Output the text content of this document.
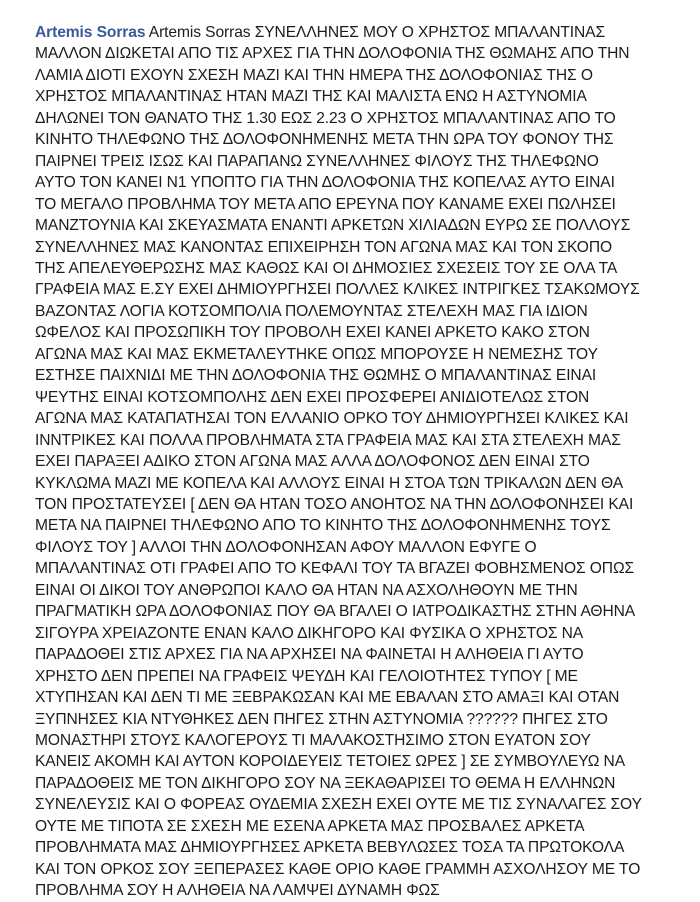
Artemis Sorras Artemis Sorras ΣΥΝΕΛΛΗΝΕΣ ΜΟΥ Ο ΧΡΗΣΤΟΣ ΜΠΑΛΑΝΤΙΝΑΣ
ΜΑΛΛΟΝ ΔΙΩΚΕΤΑΙ ΑΠΟ ΤΙΣ ΑΡΧΕΣ ΓΙΑ ΤΗΝ ΔΟΛΟΦΟΝΙΑ ΤΗΣ ΘΩΜΑΗΣ ΑΠΟ ΤΗΝ
ΛΑΜΙΑ ΔΙΟΤΙ ΕΧΟΥΝ ΣΧΕΣΗ ΜΑΖΙ ΚΑΙ ΤΗΝ ΗΜΕΡΑ ΤΗΣ ΔΟΛΟΦΟΝΙΑΣ ΤΗΣ Ο
ΧΡΗΣΤΟΣ ΜΠΑΛΑΝΤΙΝΑΣ ΗΤΑΝ ΜΑΖΙ ΤΗΣ ΚΑΙ ΜΑΛΙΣΤΑ ΕΝΩ Η ΑΣΤΥΝΟΜΙΑ
ΔΗΛΩΝΕΙ ΤΟΝ ΘΑΝΑΤΟ ΤΗΣ 1.30 ΕΩΣ 2.23 Ο ΧΡΗΣΤΟΣ ΜΠΑΛΑΝΤΙΝΑΣ ΑΠΟ ΤΟ
ΚΙΝΗΤΟ ΤΗΛΕΦΩΝΟ ΤΗΣ ΔΟΛΟΦΟΝΗΜΕΝΗΣ ΜΕΤΑ ΤΗΝ ΩΡΑ ΤΟΥ ΦΟΝΟΥ ΤΗΣ
ΠΑΙΡΝΕΙ ΤΡΕΙΣ ΙΣΩΣ ΚΑΙ ΠΑΡΑΠΑΝΩ ΣΥΝΕΛΛΗΝΕΣ ΦΙΛΟΥΣ ΤΗΣ ΤΗΛΕΦΩΝΟ
ΑΥΤΟ ΤΟΝ ΚΑΝΕΙ Ν1 ΥΠΟΠΤΟ ΓΙΑ ΤΗΝ ΔΟΛΟΦΟΝΙΑ ΤΗΣ ΚΟΠΕΛΑΣ ΑΥΤΟ ΕΙΝΑΙ
ΤΟ ΜΕΓΑΛΟ ΠΡΟΒΛΗΜΑ ΤΟΥ ΜΕΤΑ ΑΠΟ ΕΡΕΥΝΑ ΠΟΥ ΚΑΝΑΜΕ ΕΧΕΙ ΠΩΛΗΣΕΙ
ΜΑΝΖΤΟΥΝΙΑ ΚΑΙ ΣΚΕΥΑΣΜΑΤΑ ΕΝΑΝΤΙ ΑΡΚΕΤΩΝ ΧΙΛΙΑΔΩΝ ΕΥΡΩ ΣΕ ΠΟΛΛΟΥΣ
ΣΥΝΕΛΛΗΝΕΣ ΜΑΣ ΚΑΝΟΝΤΑΣ ΕΠΙΧΕΙΡΗΣΗ ΤΟΝ ΑΓΩΝΑ ΜΑΣ ΚΑΙ ΤΟΝ ΣΚΟΠΟ
ΤΗΣ ΑΠΕΛΕΥΘΕΡΩΣΗΣ ΜΑΣ ΚΑΘΩΣ ΚΑΙ ΟΙ ΔΗΜΟΣΙΕΣ ΣΧΕΣΕΙΣ ΤΟΥ ΣΕ ΟΛΑ ΤΑ
ΓΡΑΦΕΙΑ ΜΑΣ Ε.ΣΥ ΕΧΕΙ ΔΗΜΙΟΥΡΓΗΣΕΙ ΠΟΛΛΕΣ ΚΛΙΚΕΣ ΙΝΤΡΙΓΚΕΣ ΤΣΑΚΩΜΟΥΣ
ΒΑΖΟΝΤΑΣ ΛΟΓΙΑ ΚΟΤΣΟΜΠΟΛΙΑ ΠΟΛΕΜΟΥΝΤΑΣ ΣΤΕΛΕΧΗ ΜΑΣ ΓΙΑ ΙΔΙΟΝ
ΩΦΕΛΟΣ ΚΑΙ ΠΡΟΣΩΠΙΚΗ ΤΟΥ ΠΡΟΒΟΛΗ ΕΧΕΙ ΚΑΝΕΙ ΑΡΚΕΤΟ ΚΑΚΟ ΣΤΟΝ
ΑΓΩΝΑ ΜΑΣ ΚΑΙ ΜΑΣ ΕΚΜΕΤΑΛΕΥΤΗΚΕ ΟΠΩΣ ΜΠΟΡΟΥΣΕ Η ΝΕΜΕΣΗΣ ΤΟΥ
ΕΣΤΗΣΕ ΠΑΙΧΝΙΔΙ ΜΕ ΤΗΝ ΔΟΛΟΦΟΝΙΑ ΤΗΣ ΘΩΜΗΣ Ο ΜΠΑΛΑΝΤΙΝΑΣ ΕΙΝΑΙ
ΨΕΥΤΗΣ ΕΙΝΑΙ ΚΟΤΣΟΜΠΟΛΗΣ ΔΕΝ ΕΧΕΙ ΠΡΟΣΦΕΡΕΙ ΑΝΙΔΙΟΤΕΛΩΣ ΣΤΟΝ
ΑΓΩΝΑ ΜΑΣ ΚΑΤΑΠΑΤΗΣΑΙ ΤΟΝ ΕΛΛΑΝΙΟ ΟΡΚΟ ΤΟΥ ΔΗΜΙΟΥΡΓΗΣΕΙ ΚΛΙΚΕΣ ΚΑΙ
ΙΝΝΤΡΙΚΕΣ ΚΑΙ ΠΟΛΛΑ ΠΡΟΒΛΗΜΑΤΑ ΣΤΑ ΓΡΑΦΕΙΑ ΜΑΣ ΚΑΙ ΣΤΑ ΣΤΕΛΕΧΗ ΜΑΣ
ΕΧΕΙ ΠΑΡΑΞΕΙ ΑΔΙΚΟ ΣΤΟΝ ΑΓΩΝΑ ΜΑΣ ΑΛΛΑ ΔΟΛΟΦΟΝΟΣ ΔΕΝ ΕΙΝΑΙ ΣΤΟ
ΚΥΚΛΩΜΑ ΜΑΖΙ ΜΕ ΚΟΠΕΛΑ ΚΑΙ ΑΛΛΟΥΣ ΕΙΝΑΙ Η ΣΤΟΑ ΤΩΝ ΤΡΙΚΑΛΩΝ ΔΕΝ ΘΑ
ΤΟΝ ΠΡΟΣΤΑΤΕΥΣΕΙ [ ΔΕΝ ΘΑ ΗΤΑΝ ΤΟΣΟ ΑΝΟΗΤΟΣ ΝΑ ΤΗΝ ΔΟΛΟΦΟΝΗΣΕΙ ΚΑΙ
ΜΕΤΑ ΝΑ ΠΑΙΡΝΕΙ ΤΗΛΕΦΩΝΟ ΑΠΟ ΤΟ ΚΙΝΗΤΟ ΤΗΣ ΔΟΛΟΦΟΝΗΜΕΝΗΣ ΤΟΥΣ
ΦΙΛΟΥΣ ΤΟΥ ] ΑΛΛΟΙ ΤΗΝ ΔΟΛΟΦΟΝΗΣΑΝ ΑΦΟΥ ΜΑΛΛΟΝ ΕΦΥΓΕ Ο
ΜΠΑΛΑΝΤΙΝΑΣ ΟΤΙ ΓΡΑΦΕΙ ΑΠΟ ΤΟ ΚΕΦΑΛΙ ΤΟΥ ΤΑ ΒΓΑΖΕΙ ΦΟΒΗΣΜΕΝΟΣ ΟΠΩΣ
ΕΙΝΑΙ ΟΙ ΔΙΚΟΙ ΤΟΥ ΑΝΘΡΩΠΟΙ ΚΑΛΟ ΘΑ ΗΤΑΝ ΝΑ ΑΣΧΟΛΗΘΟΥΝ ΜΕ ΤΗΝ
ΠΡΑΓΜΑΤΙΚΗ ΩΡΑ ΔΟΛΟΦΟΝΙΑΣ ΠΟΥ ΘΑ ΒΓΑΛΕΙ Ο ΙΑΤΡΟΔΙΚΑΣΤΗΣ ΣΤΗΝ ΑΘΗΝΑ
ΣΙΓΟΥΡΑ ΧΡΕΙΑΖΟΝΤΕ ΕΝΑΝ ΚΑΛΟ ΔΙΚΗΓΟΡΟ ΚΑΙ ΦΥΣΙΚΑ Ο ΧΡΗΣΤΟΣ ΝΑ
ΠΑΡΑΔΟΘΕΙ ΣΤΙΣ ΑΡΧΕΣ ΓΙΑ ΝΑ ΑΡΧΗΣΕΙ ΝΑ ΦΑΙΝΕΤΑΙ Η ΑΛΗΘΕΙΑ ΓΙ ΑΥΤΟ
ΧΡΗΣΤΟ ΔΕΝ ΠΡΕΠΕΙ ΝΑ ΓΡΑΦΕΙΣ ΨΕΥΔΗ ΚΑΙ ΓΕΛΟΙΟΤΗΤΕΣ ΤΥΠΟΥ [ ΜΕ
ΧΤΥΠΗΣΑΝ ΚΑΙ ΔΕΝ ΤΙ ΜΕ ΞΕΒΡΑΚΩΣΑΝ ΚΑΙ ΜΕ ΕΒΑΛΑΝ ΣΤΟ ΑΜΑΞΙ ΚΑΙ ΟΤΑΝ
ΞΥΠΝΗΣΕΣ ΚΙΑ ΝΤΥΘΗΚΕΣ ΔΕΝ ΠΗΓΕΣ ΣΤΗΝ ΑΣΤΥΝΟΜΙΑ ?????? ΠΗΓΕΣ ΣΤΟ
ΜΟΝΑΣΤΗΡΙ ΣΤΟΥΣ ΚΑΛΟΓΕΡΟΥΣ ΤΙ ΜΑΛΑΚΟΣΤΗΣΙΜΟ ΣΤΟΝ ΕΥΑΤΟΝ ΣΟΥ
ΚΑΝΕΙΣ ΑΚΟΜΗ ΚΑΙ ΑΥΤΟΝ ΚΟΡΟΙΔΕΥΕΙΣ ΤΕΤΟΙΕΣ ΩΡΕΣ ] ΣΕ ΣΥΜΒΟΥΛΕΥΩ ΝΑ
ΠΑΡΑΔΟΘΕΙΣ ΜΕ ΤΟΝ ΔΙΚΗΓΟΡΟ ΣΟΥ ΝΑ ΞΕΚΑΘΑΡΙΣΕΙ ΤΟ ΘΕΜΑ Η ΕΛΛΗΝΩΝ
ΣΥΝΕΛΕΥΣΙΣ ΚΑΙ Ο ΦΟΡΕΑΣ ΟΥΔΕΜΙΑ ΣΧΕΣΗ ΕΧΕΙ ΟΥΤΕ ΜΕ ΤΙΣ ΣΥΝΑΛΑΓΕΣ ΣΟΥ
ΟΥΤΕ ΜΕ ΤΙΠΟΤΑ ΣΕ ΣΧΕΣΗ ΜΕ ΕΣΕΝΑ ΑΡΚΕΤΑ ΜΑΣ ΠΡΟΣΒΑΛΕΣ ΑΡΚΕΤΑ
ΠΡΟΒΛΗΜΑΤΑ ΜΑΣ ΔΗΜΙΟΥΡΓΗΣΕΣ ΑΡΚΕΤΑ ΒΕΒΥΛΩΣΕΣ ΤΟΣΑ ΤΑ ΠΡΩΤΟΚΟΛΑ
ΚΑΙ ΤΟΝ ΟΡΚΟΣ ΣΟΥ ΞΕΠΕΡΑΣΕΣ ΚΑΘΕ ΟΡΙΟ ΚΑΘΕ ΓΡΑΜΜΗ ΑΣΧΟΛΗΣΟΥ ΜΕ ΤΟ
ΠΡΟΒΛΗΜΑ ΣΟΥ Η ΑΛΗΘΕΙΑ ΝΑ ΛΑΜΨΕΙ ΔΥΝΑΜΗ ΦΩΣ
